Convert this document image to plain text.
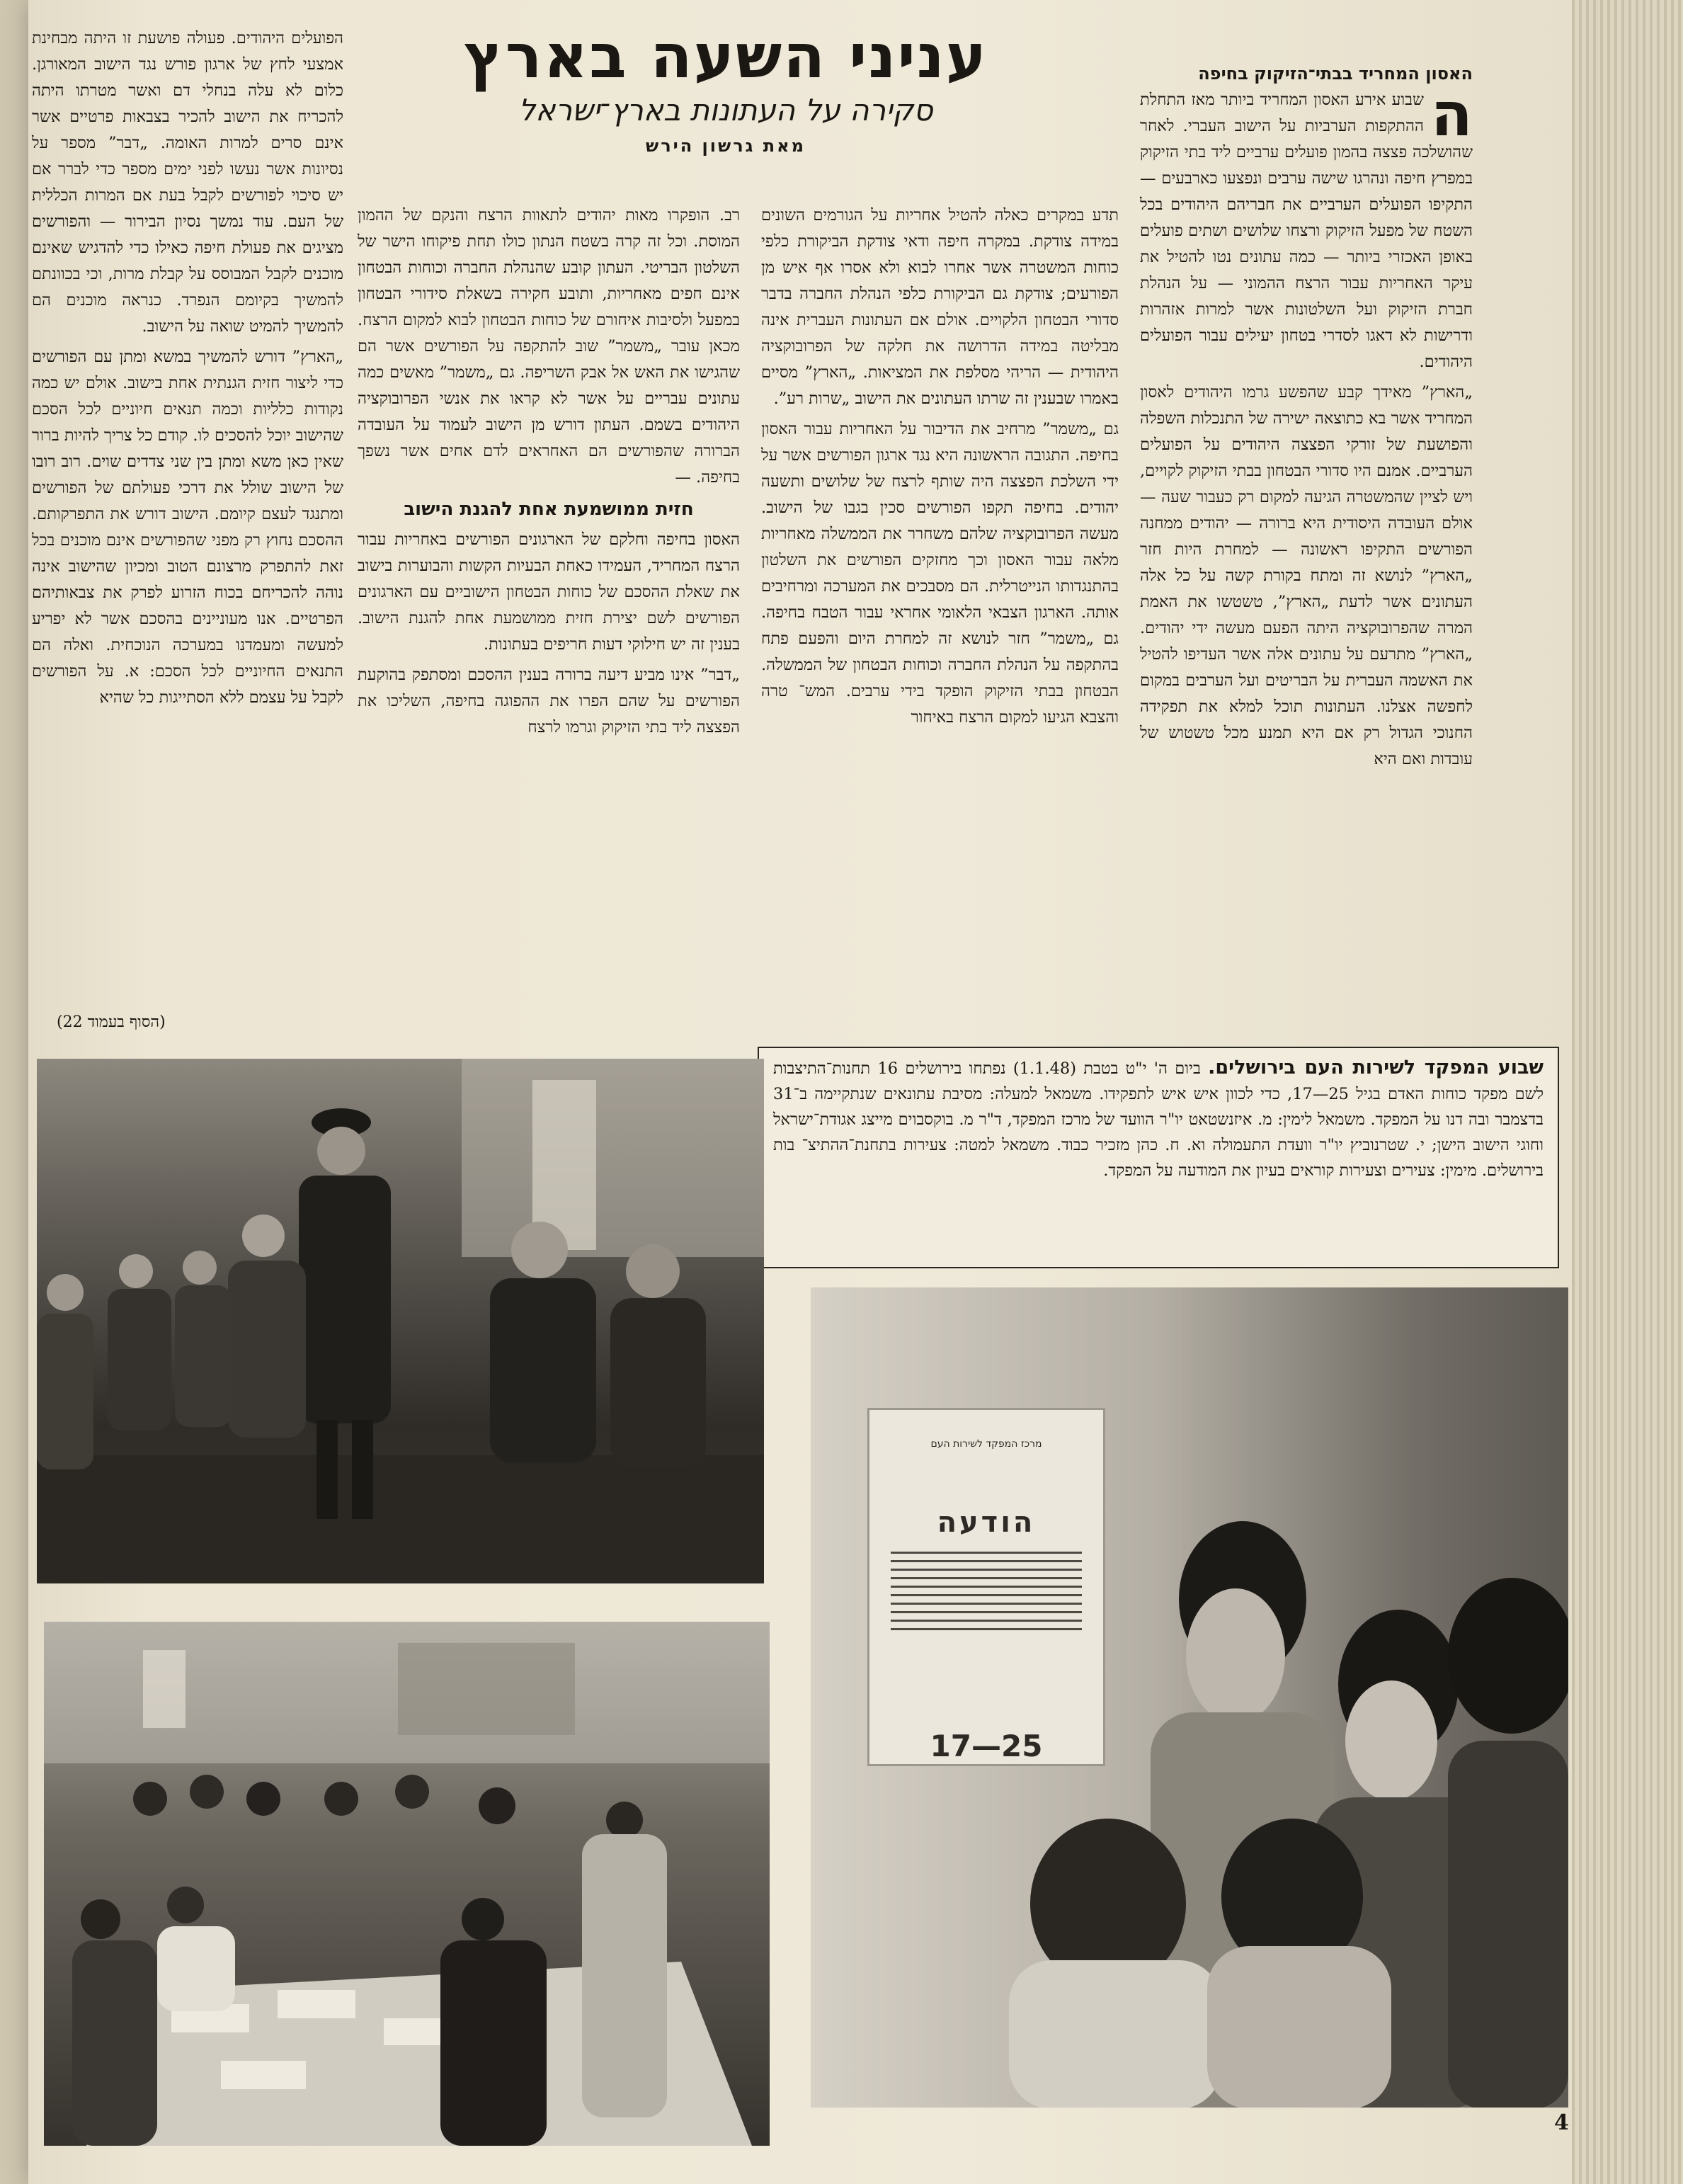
עניני השעה בארץ
סקירה על העתונות בארץ־ישראל
מאת גרשון הירש
האסון המחריד בבתי־הזיקוק בחיפה

ה
שבוע אירע האסון המחריד ביותר מאז התחלת ההתקפות הערביות על הישוב העברי. לאחר שהושלכה פצצה בהמון פועלים ערביים ליד בתי הזיקוק במפרץ חיפה ונהרגו שישה ערבים ונפצעו כארבעים — התקיפו הפועלים הערביים את חבריהם היהודים בכל השטח של מפעל הזיקוק ורצחו שלושים ושתים פועלים באופן האכזרי ביותר — כמה עתונים נטו להטיל את עיקר האחריות עבור הרצח ההמוני — על הנהלת חברת הזיקוק ועל השלטונות אשר למרות אזהרות ודרישות לא דאגו לסדרי בטחון יעילים עבור הפועלים היהודים.

„הארץ” מאידך קבע שהפשע גרמו היהודים לאסון המחריד אשר בא כתוצאה ישירה של התנכלות השפלה והפושעת של זורקי הפצצה היהודים על הפועלים הערביים. אמנם היו סדורי הבטחון בבתי הזיקוק לקויים, ויש לציין שהמשטרה הגיעה למקום רק כעבור שעה — אולם העובדה היסודית היא ברורה — יהודים ממחנה הפורשים התקיפו ראשונה — למחרת היות חזר „הארץ” לנושא זה ומתח בקורת קשה על כל אלה העתונים אשר לדעת „הארץ”, טשטשו את האמת המרה שהפרובוקציה היתה הפעם מעשה ידי יהודים. „הארץ” מתרעם על עתונים אלה אשר העדיפו להטיל את האשמה העברית על הבריטים ועל הערבים במקום לחפשה אצלנו. העתונות תוכל למלא את תפקידה החנוכי הגדול רק אם היא תמנע מכל טשטוש של עובדות ואם היא

תדע במקרים כאלה להטיל אחריות על הגורמים השונים במידה צודקת. במקרה חיפה ודאי צודקת הביקורת כלפי כוחות המשטרה אשר אחרו לבוא ולא אסרו אף איש מן הפורעים; צודקת גם הביקורת כלפי הנהלת החברה בדבר סדורי הבטחון הלקויים. אולם אם העתונות העברית אינה מבליטה במידה הדרושה את חלקה של הפרובוקציה היהודית — הריהי מסלפת את המציאות. „הארץ” מסיים באמרו שבענין זה שרתו העתונים את הישוב „שרות רע”.

גם „משמר” מרחיב את הדיבור על האחריות עבור האסון בחיפה. התגובה הראשונה היא נגד ארגון הפורשים אשר על ידי השלכת הפצצה היה שותף לרצח של שלושים ותשעה יהודים. בחיפה תקפו הפורשים סכין בגבו של הישוב. מעשה הפרובוקציה שלהם משחרר את הממשלה מאחריות מלאה עבור האסון וכך מחזקים הפורשים את השלטון בהתנגדותו הנייטרלית. הם מסבכים את המערכה ומרחיבים אותה. הארגון הצבאי הלאומי אחראי עבור הטבח בחיפה. גם „משמר” חזר לנושא זה למחרת היום והפעם פתח בהתקפה על הנהלת החברה וכוחות הבטחון של הממשלה. הבטחון בבתי הזיקוק הופקד בידי ערבים. המש־ טרה והצבא הגיעו למקום הרצח באיחור

רב. הופקרו מאות יהודים לתאוות הרצח והנקם של ההמון המוסת. וכל זה קרה בשטח הנתון כולו תחת פיקוחו הישר של השלטון הבריטי. העתון קובע שהנהלת החברה וכוחות הבטחון אינם חפים מאחריות, ותובע חקירה בשאלת סידורי הבטחון במפעל ולסיבות איחורם של כוחות הבטחון לבוא למקום הרצח. מכאן עובר „משמר” שוב להתקפה על הפורשים אשר הם שהגישו את האש אל אבק השריפה. גם „משמר” מאשים כמה עתונים עבריים על אשר לא קראו את אנשי הפרובוקציה היהודים בשמם. העתון דורש מן הישוב לעמוד על העובדה הברורה שהפורשים הם האחראים לדם אחים אשר נשפך בחיפה. —

חזית ממושמעת אחת להגנת הישוב

האסון בחיפה וחלקם של הארגונים הפורשים באחריות עבור הרצח המחריד, העמידו כאחת הבעיות הקשות והבוערות בישוב את שאלת ההסכם של כוחות הבטחון הישוביים עם הארגונים הפורשים לשם יצירת חזית ממושמעת אחת להגנת הישוב. בענין זה יש חילוקי דעות חריפים בעתונות.

„דבר” אינו מביע דיעה ברורה בענין ההסכם ומסתפק בהוקעת הפורשים על שהם הפרו את ההפוגה בחיפה, השליכו את הפצצה ליד בתי הזיקוק וגרמו לרצח

הפועלים היהודים. פעולה פושעת זו היתה מבחינת אמצעי לחץ של ארגון פורש נגד הישוב המאורגן. כלום לא עלה בנחלי דם ואשר מטרתו היתה להכריח את הישוב להכיר בצבאות פרטיים אשר אינם סרים למרות האומה. „דבר” מספר על נסיונות אשר נעשו לפני ימים מספר כדי לברר אם יש סיכוי לפורשים לקבל בעת אם המרות הכללית של העם. עוד נמשך נסיון הבירור — והפורשים מציגים את פעולת חיפה כאילו כדי להדגיש שאינם מוכנים לקבל המבוסס על קבלת מרות, וכי בכוונתם להמשיך בקיומם הנפרד. כנראה מוכנים הם להמשיך להמיט שואה על הישוב.

„הארץ” דורש להמשיך במשא ומתן עם הפורשים כדי ליצור חזית הגנתית אחת בישוב. אולם יש כמה נקודות כלליות וכמה תנאים חיוניים לכל הסכם שהישוב יוכל להסכים לו. קודם כל צריך להיות ברור שאין כאן משא ומתן בין שני צדדים שוים. רוב רובו של הישוב שולל את דרכי פעולתם של הפורשים ומתנגד לעצם קיומם. הישוב דורש את התפרקותם. ההסכם נחוץ רק מפני שהפורשים אינם מוכנים בכל זאת להתפרק מרצונם הטוב ומכיון שהישוב אינה נוהה להכריחם בכוח הזרוע לפרק את צבאותיהם הפרטיים. אנו מעוניינים בהסכם אשר לא יפריע למעשה ומעמדנו במערכה הנוכחית. ואלה הם התנאים החיוניים לכל הסכם: א. על הפורשים לקבל על עצמם ללא הסתייגות כל שהיא

(הסוף בעמוד 22)
שבוע המפקד לשירות העם בירושלים. ביום ה' י"ט בטבת (1.1.48) נפתחו בירושלים 16 תחנות־התיצבות לשם מפקד כוחות האדם בגיל 25—17, כדי לכוון איש איש לתפקידו. משמאל למעלה: מסיבת עתונאים שנתקיימה ב־31 בדצמבר ובה דנו על המפקד. משמאל לימין: מ. איזנשטאט יו"ר הוועד של מרכז המפקד, ד"ר מ. בוקסבוים מייצג אגודת־ישראל וחוגי הישוב הישן; י. שטרנוביץ יו"ר וועדת התעמולה וא. ח. כהן מזכיר כבוד. משמאל למטה: צעירות בתחנת־ההתיצ־ בות בירושלים. מימין: צעירים וצעירות קוראים בעיון את המודעה על המפקד.
מרכז המפקד לשירות העם
הודעה
25—17
4
